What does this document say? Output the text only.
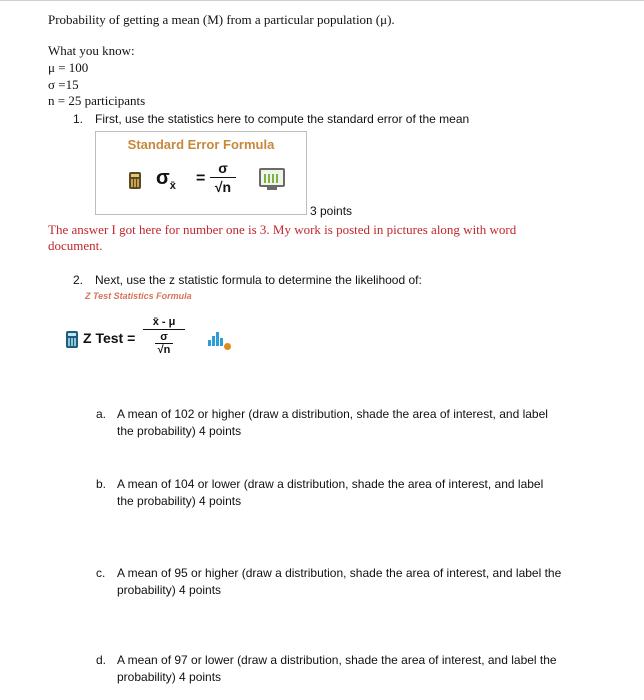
Probability of getting a mean (M) from a particular population (μ).
What you know:
μ = 100
σ =15
n = 25 participants
1. First, use the statistics here to compute the standard error of the mean
Standard Error Formula
$\sigma_{x̄}$ =
σ
√n
3 points
The answer I got here for number one is 3. My work is posted in pictures along with word
document.
2. Next, use the z statistic formula to determine the likelihood of:
Z Test Statistics Formula
Z Test =
x̄ - μ
σ
√n
a. A mean of 102 or higher (draw a distribution, shade the area of interest, and label
the probability) 4 points
b. A mean of 104 or lower (draw a distribution, shade the area of interest, and label
the probability) 4 points
c. A mean of 95 or higher (draw a distribution, shade the area of interest, and label the
probability) 4 points
d. A mean of 97 or lower (draw a distribution, shade the area of interest, and label the
probability) 4 points
